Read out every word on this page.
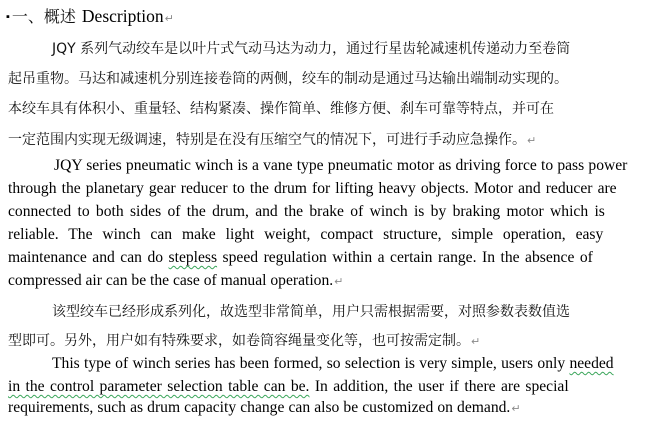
▪ 一、概述 Description↵
JQY 系列气动绞车是以叶片式气动马达为动力，通过行星齿轮减速机传递动力至卷筒
起吊重物。马达和减速机分别连接卷筒的两侧，绞车的制动是通过马达输出端制动实现的。
本绞车具有体积小、重量轻、结构紧凑、操作简单、维修方便、刹车可靠等特点，并可在
一定范围内实现无级调速，特别是在没有压缩空气的情况下，可进行手动应急操作。↵
JQY series pneumatic winch is a vane type pneumatic motor as driving force to pass power
through the planetary gear reducer to the drum for lifting heavy objects. Motor and reducer are
connected to both sides of the drum, and the brake of winch is by braking motor which is
reliable. The winch can make light weight, compact structure, simple operation, easy
maintenance and can do stepless speed regulation within a certain range. In the absence of
compressed air can be the case of manual operation.↵
该型绞车已经形成系列化，故选型非常简单，用户只需根据需要，对照参数表数值选
型即可。另外，用户如有特殊要求，如卷筒容绳量变化等，也可按需定制。↵
This type of winch series has been formed, so selection is very simple, users only needed
in the control parameter selection table can be. In addition, the user if there are special
requirements, such as drum capacity change can also be customized on demand.↵
